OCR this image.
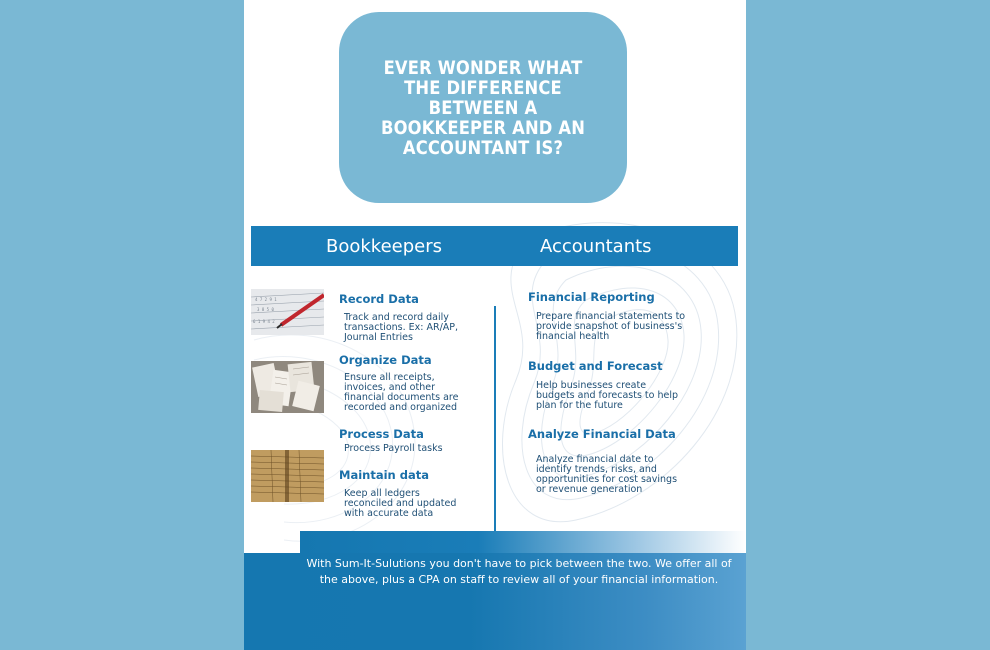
EVER WONDER WHAT THE DIFFERENCE BETWEEN A BOOKKEEPER AND AN ACCOUNTANT IS?
Bookkeepers	Accountants
4 7 2 9 1
3 8 5 0
6 1 9 4 2
Record Data
Track and record daily transactions. Ex: AR/AP, Journal Entries
Organize Data
Ensure all receipts, invoices, and other financial documents are recorded and organized
Process Data
Process Payroll tasks
Maintain data
Keep all ledgers reconciled and updated with accurate data
Financial Reporting
Prepare financial statements to provide snapshot of business's financial health
Budget and Forecast
Help businesses create budgets and forecasts to help plan for the future
Analyze Financial Data
Analyze financial date to identify trends, risks, and opportunities for cost savings or revenue generation
With Sum-It-Sulutions you don't have to pick between the two. We offer all of the above, plus a CPA on staff to review all of your financial information.
